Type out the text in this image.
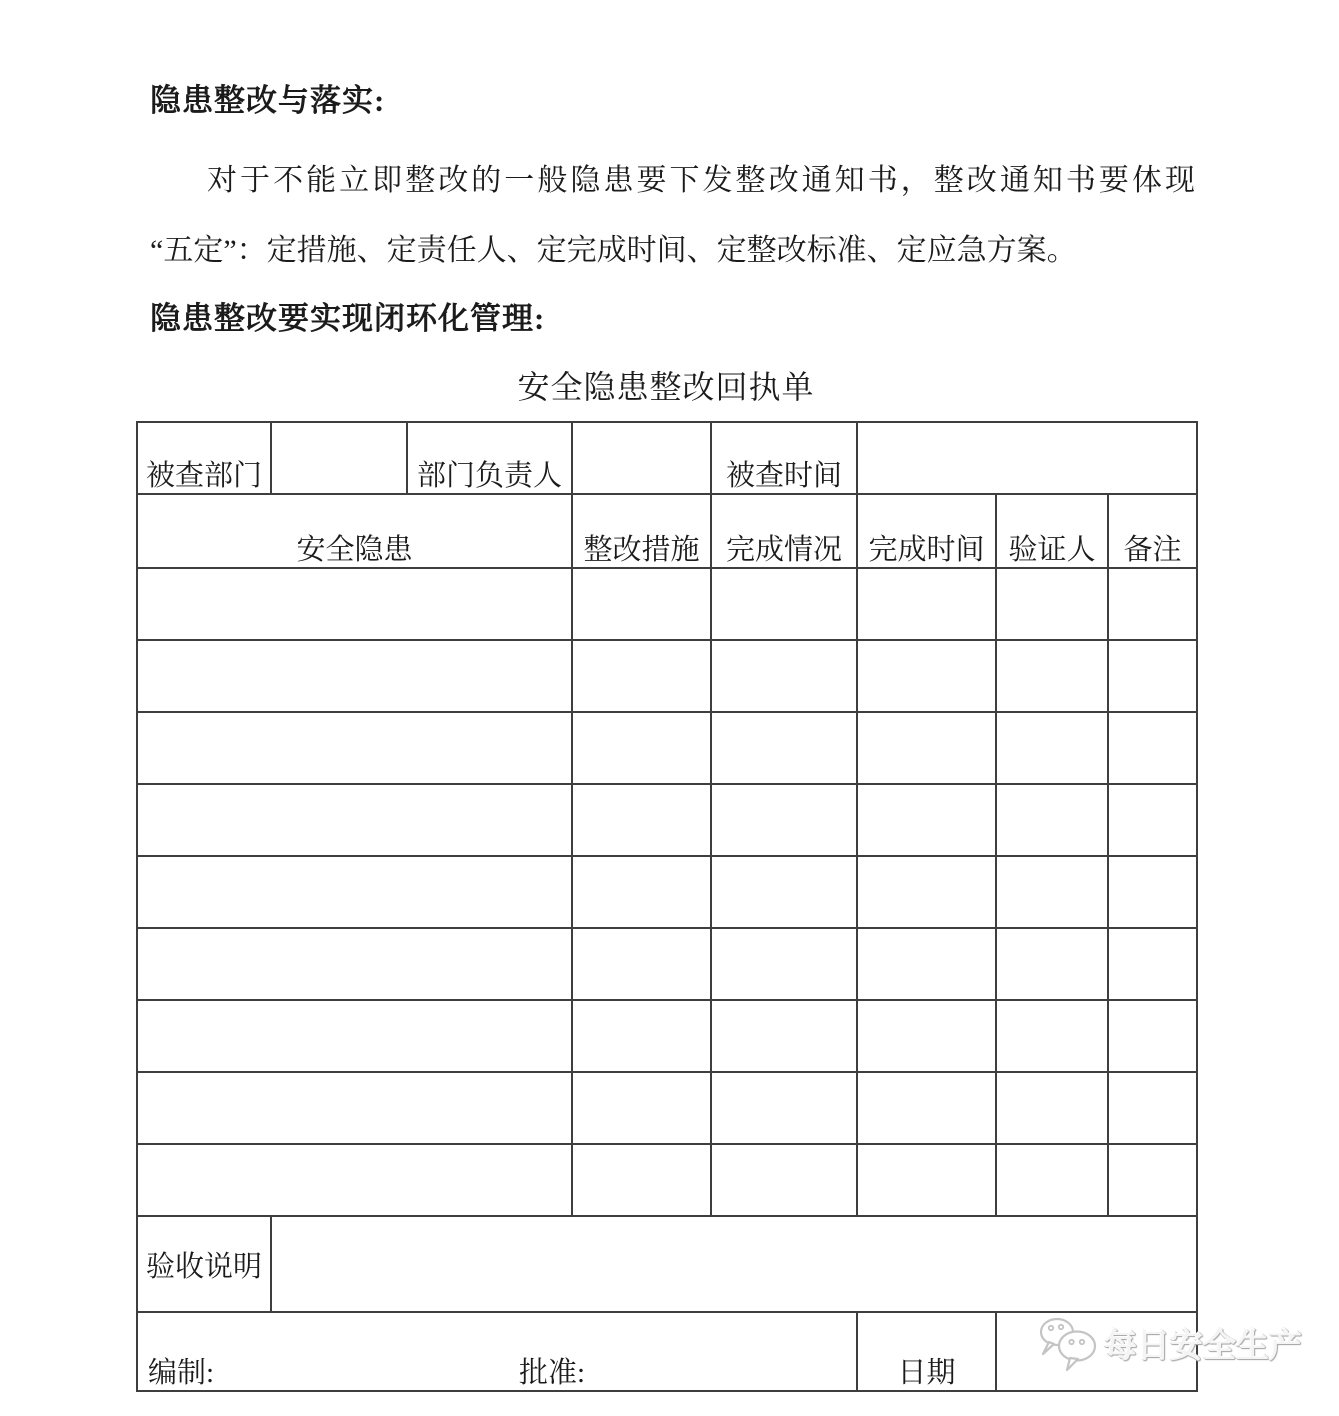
隐患整改与落实:
对于不能立即整改的一般隐患要下发整改通知书，整改通知书要体现
“五定”：定措施、定责任人、定完成时间、定整改标准、定应急方案。
隐患整改要实现闭环化管理:
安全隐患整改回执单
被查部门		部门负责人		被查时间			
安全隐患			整改措施	完成情况	完成时间	验证人	备注

验收说明							
编制: 批准:					日期		
每日安全生产
